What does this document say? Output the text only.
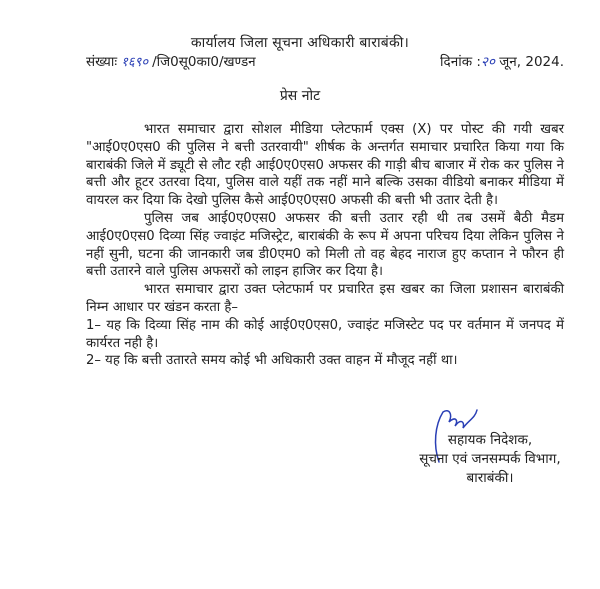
कार्यालय जिला सूचना अधिकारी बाराबंकी।
संख्याः १६९० /जि0सू0का0/खण्डन	दिनांक :२० जून, 2024.
प्रेस नोट

भारत समाचार द्वारा सोशल मीडिया प्लेटफार्म एक्स (X) पर पोस्ट की गयी खबर "आई0ए0एस0 की पुलिस ने बत्ती उतरवायी" शीर्षक के अन्तर्गत समाचार प्रचारित किया गया कि बाराबंकी जिले में ड्यूटी से लौट रही आई0ए0एस0 अफसर की गाड़ी बीच बाजार में रोक कर पुलिस ने बत्ती और हूटर उतरवा दिया, पुलिस वाले यहीं तक नहीं माने बल्कि उसका वीडियो बनाकर मीडिया में वायरल कर दिया कि देखो पुलिस कैसे आई0ए0एस0 अफसी की बत्ती भी उतार देती है।

पुलिस जब आई0ए0एस0 अफसर की बत्ती उतार रही थी तब उसमें बैठी मैडम आई0ए0एस0 दिव्या सिंह ज्वाइंट मजिस्ट्रेट, बाराबंकी के रूप में अपना परिचय दिया लेकिन पुलिस ने नहीं सुनी, घटना की जानकारी जब डी0एम0 को मिली तो वह बेहद नाराज हुए कप्तान ने फौरन ही बत्ती उतारने वाले पुलिस अफसरों को लाइन हाजिर कर दिया है।

भारत समाचार द्वारा उक्त प्लेटफार्म पर प्रचारित इस खबर का जिला प्रशासन बाराबंकी निम्न आधार पर खंडन करता है–

1– यह कि दिव्या सिंह नाम की कोई आई0ए0एस0, ज्वाइंट मजिस्टेट पद पर वर्तमान में जनपद में कार्यरत नही है।

2– यह कि बत्ती उतारते समय कोई भी अधिकारी उक्त वाहन में मौजूद नहीं था।

सहायक निदेशक,
सूचना एवं जनसम्पर्क विभाग,
बाराबंकी।
